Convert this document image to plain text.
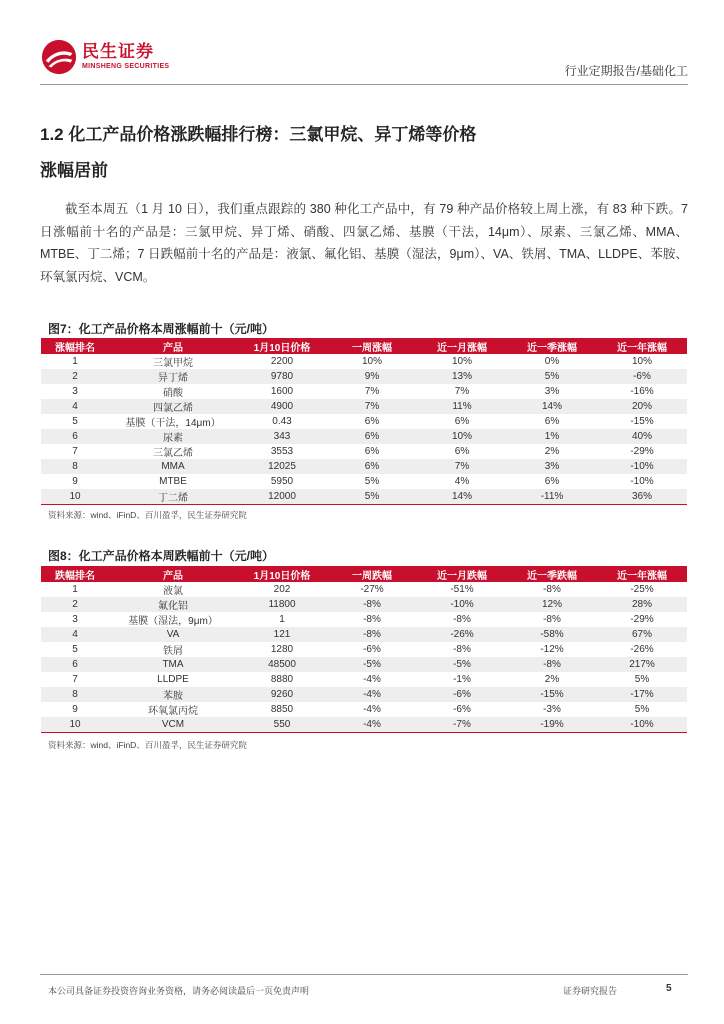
民生证券
MINSHENG SECURITIES	行业定期报告/基础化工
1.2 化工产品价格涨跌幅排行榜：三氯甲烷、异丁烯等价格
涨幅居前
截至本周五（1 月 10 日），我们重点跟踪的 380 种化工产品中，有 79 种产品价格较上周上涨，有 83 种下跌。7 日涨幅前十名的产品是：三氯甲烷、异丁烯、硝酸、四氯乙烯、基膜（干法，14μm）、尿素、三氯乙烯、MMA、MTBE、丁二烯；7 日跌幅前十名的产品是：液氯、氟化铝、基膜（湿法，9μm）、VA、铁屑、TMA、LLDPE、苯胺、环氧氯丙烷、VCM。
图7：化工产品价格本周涨幅前十（元/吨）
涨幅排名	产品	1月10日价格	一周涨幅	近一月涨幅	近一季涨幅	近一年涨幅
1	三氯甲烷	2200	10%	10%	0%	10%
2	异丁烯	9780	9%	13%	5%	-6%
3	硝酸	1600	7%	7%	3%	-16%
4	四氯乙烯	4900	7%	11%	14%	20%
5	基膜（干法，14μm）	0.43	6%	6%	6%	-15%
6	尿素	343	6%	10%	1%	40%
7	三氯乙烯	3553	6%	6%	2%	-29%
8	MMA	12025	6%	7%	3%	-10%
9	MTBE	5950	5%	4%	6%	-10%
10	丁二烯	12000	5%	14%	-11%	36%
资料来源：wind、iFinD、百川盈孚，民生证券研究院
图8：化工产品价格本周跌幅前十（元/吨）
跌幅排名	产品	1月10日价格	一周跌幅	近一月跌幅	近一季跌幅	近一年涨幅
1	液氯	202	-27%	-51%	-8%	-25%
2	氟化铝	11800	-8%	-10%	12%	28%
3	基膜（湿法，9μm）	1	-8%	-8%	-8%	-29%
4	VA	121	-8%	-26%	-58%	67%
5	铁屑	1280	-6%	-8%	-12%	-26%
6	TMA	48500	-5%	-5%	-8%	217%
7	LLDPE	8880	-4%	-1%	2%	5%
8	苯胺	9260	-4%	-6%	-15%	-17%
9	环氧氯丙烷	8850	-4%	-6%	-3%	5%
10	VCM	550	-4%	-7%	-19%	-10%
资料来源：wind、iFinD、百川盈孚，民生证券研究院
本公司具备证券投资咨询业务资格，请务必阅读最后一页免责声明	证券研究报告	5
